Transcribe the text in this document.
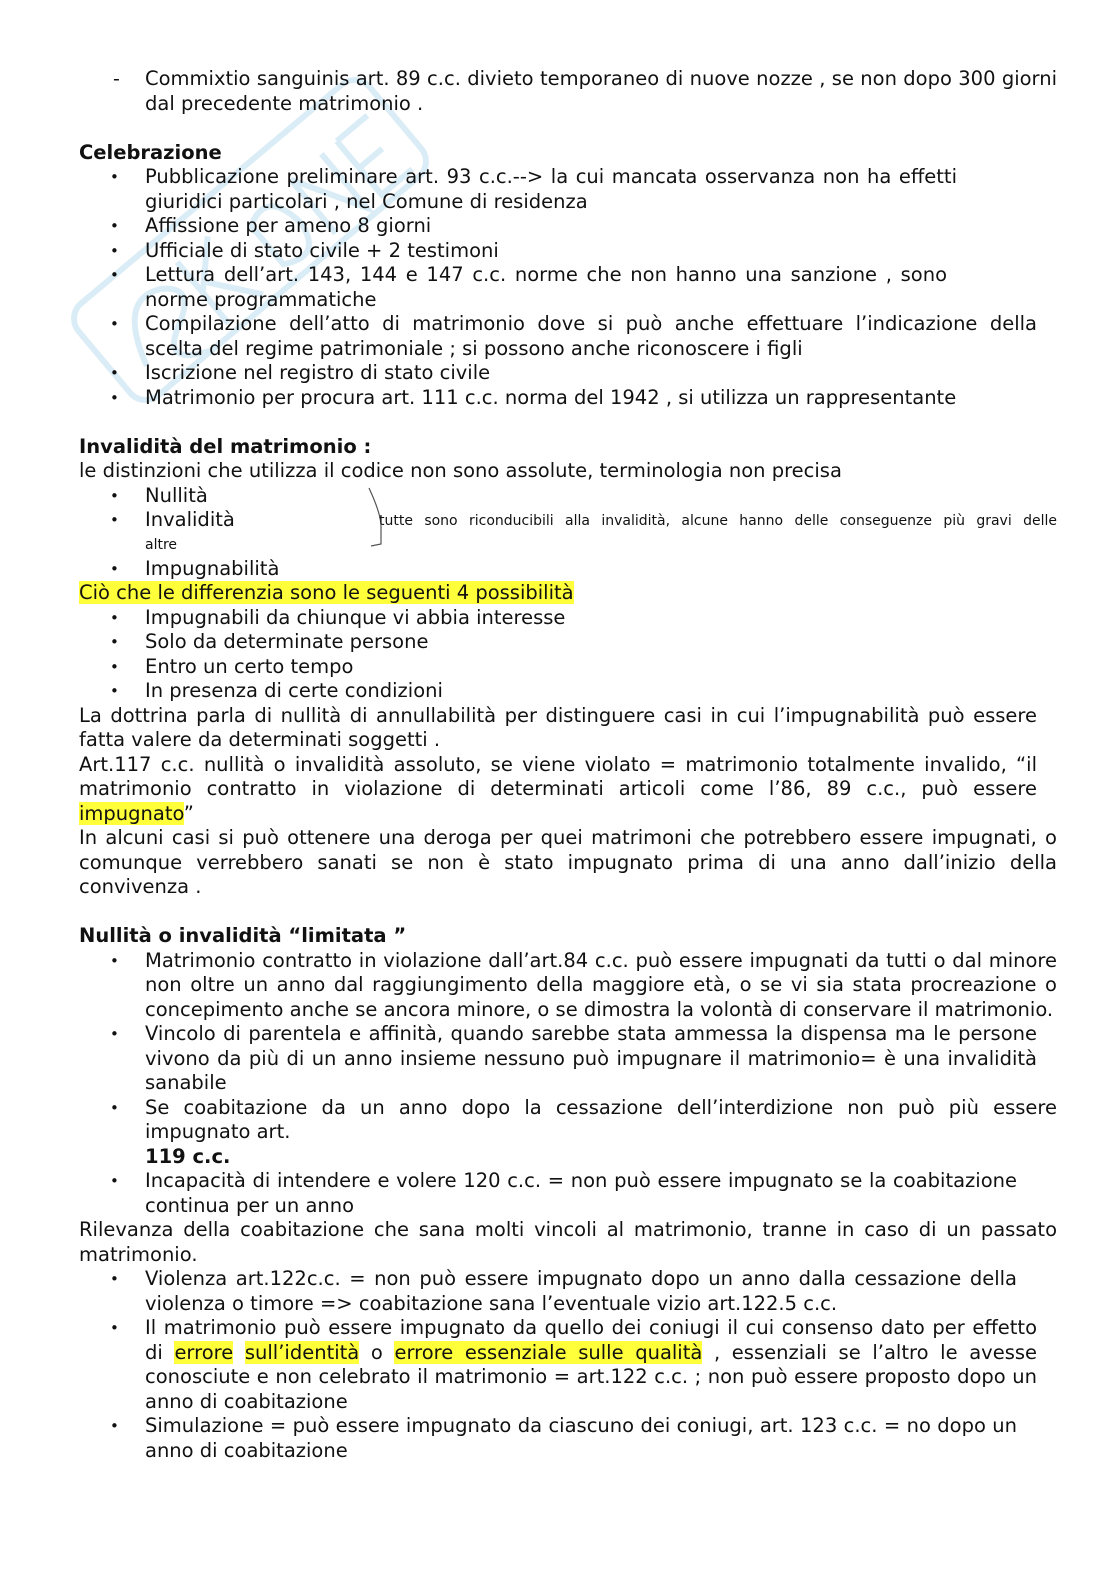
- Commixtio sanguinis art. 89 c.c. divieto temporaneo di nuove nozze , se non dopo 300 giorni dal precedente matrimonio .
Celebrazione
• Pubblicazione preliminare art. 93 c.c.--> la cui mancata osservanza non ha effetti giuridici particolari , nel Comune di residenza
• Affissione per ameno 8 giorni
• Ufficiale di stato civile + 2 testimoni
• Lettura dell’art. 143, 144 e 147 c.c. norme che non hanno una sanzione , sono norme programmatiche
• Compilazione dell’atto di matrimonio dove si può anche effettuare l’indicazione della scelta del regime patrimoniale ; si possono anche riconoscere i figli
• Iscrizione nel registro di stato civile
• Matrimonio per procura art. 111 c.c. norma del 1942 , si utilizza un rappresentante
Invalidità del matrimonio :
le distinzioni che utilizza il codice non sono assolute, terminologia non precisa
• Nullità
• Invalidità	tutte sono riconducibili alla invalidità, alcune hanno delle conseguenze più gravi delle
altre
• Impugnabilità
Ciò che le differenzia sono le seguenti 4 possibilità
• Impugnabili da chiunque vi abbia interesse
• Solo da determinate persone
• Entro un certo tempo
• In presenza di certe condizioni
La dottrina parla di nullità di annullabilità per distinguere casi in cui l’impugnabilità può essere fatta valere da determinati soggetti .
Art.117 c.c. nullità o invalidità assoluto, se viene violato = matrimonio totalmente invalido, “il matrimonio contratto in violazione di determinati articoli come l’86, 89 c.c., può essere impugnato”
In alcuni casi si può ottenere una deroga per quei matrimoni che potrebbero essere impugnati, o comunque verrebbero sanati se non è stato impugnato prima di una anno dall’inizio della convivenza .
Nullità o invalidità “limitata ”
• Matrimonio contratto in violazione dall’art.84 c.c. può essere impugnati da tutti o dal minore non oltre un anno dal raggiungimento della maggiore età, o se vi sia stata procreazione o concepimento anche se ancora minore, o se dimostra la volontà di conservare il matrimonio.
• Vincolo di parentela e affinità, quando sarebbe stata ammessa la dispensa ma le persone vivono da più di un anno insieme nessuno può impugnare il matrimonio= è una invalidità sanabile
• Se coabitazione da un anno dopo la cessazione dell’interdizione non può più essere impugnato art.
119 c.c.
• Incapacità di intendere e volere 120 c.c. = non può essere impugnato se la coabitazione continua per un anno
Rilevanza della coabitazione che sana molti vincoli al matrimonio, tranne in caso di un passato matrimonio.
• Violenza art.122c.c. = non può essere impugnato dopo un anno dalla cessazione della violenza o timore => coabitazione sana l’eventuale vizio art.122.5 c.c.
• Il matrimonio può essere impugnato da quello dei coniugi il cui consenso dato per effetto di errore sull’identità o errore essenziale sulle qualità , essenziali se l’altro le avesse conosciute e non celebrato il matrimonio = art.122 c.c. ; non può essere proposto dopo un anno di coabitazione
• Simulazione = può essere impugnato da ciascuno dei coniugi, art. 123 c.c. = no dopo un anno di coabitazione
